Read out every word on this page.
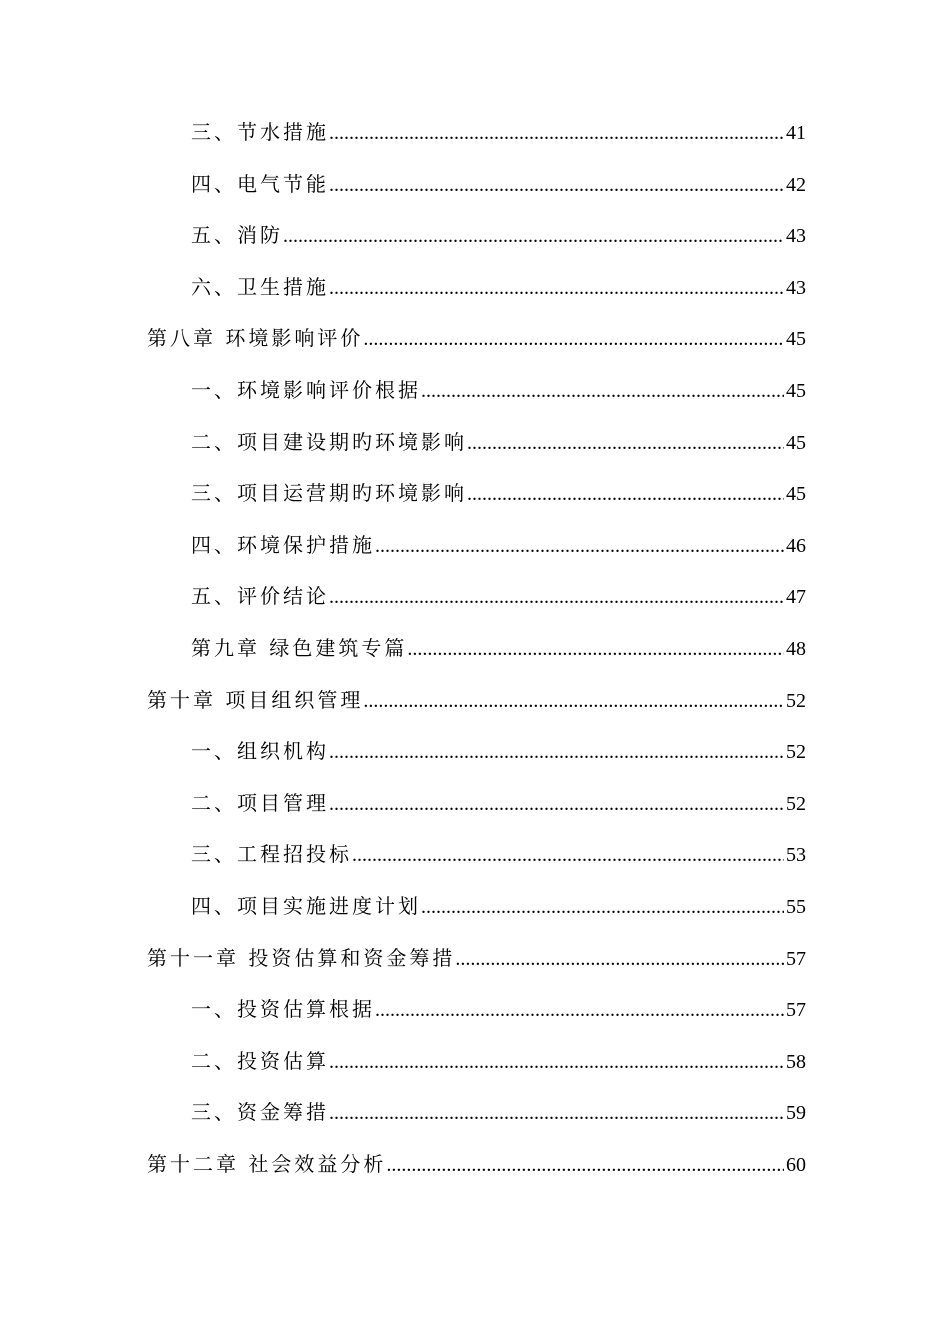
三、节水措施 .....	41
四、电气节能 .....	42
五、消防 .....	43
六、卫生措施 .....	43
第八章 环境影响评价 .....	45
一、环境影响评价根据 .....	45
二、项目建设期旳环境影响 .....	45
三、项目运营期旳环境影响 .....	45
四、环境保护措施 .....	46
五、评价结论 .....	47
第九章 绿色建筑专篇 .....	48
第十章 项目组织管理 .....	52
一、组织机构 .....	52
二、项目管理 .....	52
三、工程招投标 .....	53
四、项目实施进度计划 .....	55
第十一章 投资估算和资金筹措 .....	57
一、投资估算根据 .....	57
二、投资估算 .....	58
三、资金筹措 .....	59
第十二章 社会效益分析 .....	60
